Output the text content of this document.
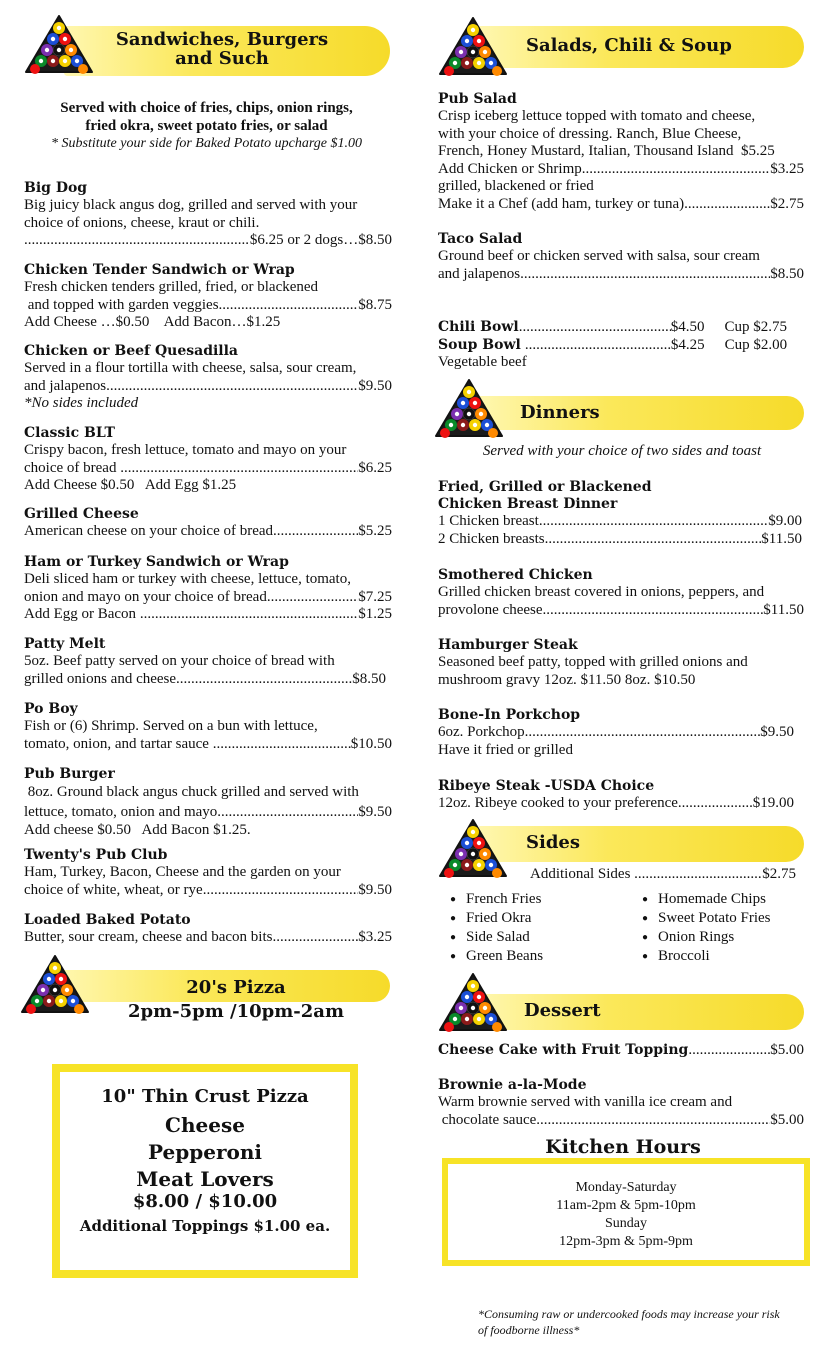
Sandwiches, Burgers
and Such
Served with choice of fries, chips, onion rings,
fried okra, sweet potato fries, or salad
* Substitute your side for Baked Potato upcharge $1.00
Big Dog
Big juicy black angus dog, grilled and served with your
choice of onions, cheese, kraut or chili.
.....
$6.25 or 2 dogs…$8.50
Chicken Tender Sandwich or Wrap
Fresh chicken tenders grilled, fried, or blackened
and topped with garden veggies .....	$8.75
Add Cheese …$0.50    Add Bacon…$1.25
Chicken or Beef Quesadilla
Served in a flour tortilla with cheese, salsa, sour cream,
and jalapenos .....	$9.50
*No sides included
Classic BLT
Crispy bacon, fresh lettuce, tomato and mayo on your
choice of bread .....	$6.25
Add Cheese $0.50   Add Egg $1.25
Grilled Cheese
American cheese on your choice of bread .....	$5.25
Ham or Turkey Sandwich or Wrap
Deli sliced ham or turkey with cheese, lettuce, tomato,
onion and mayo on your choice of bread .....	$7.25
Add Egg or Bacon .....	$1.25
Patty Melt
5oz. Beef patty served on your choice of bread with
grilled onions and cheese .....	$8.50
Po Boy
Fish or (6) Shrimp. Served on a bun with lettuce,
tomato, onion, and tartar sauce .....	$10.50
Pub Burger
8oz. Ground black angus chuck grilled and served with
lettuce, tomato, onion and mayo .....	$9.50
Add cheese $0.50   Add Bacon $1.25.
Twenty's Pub Club
Ham, Turkey, Bacon, Cheese and the garden on your
choice of white, wheat, or rye .....	$9.50
Loaded Baked Potato
Butter, sour cream, cheese and bacon bits .....	$3.25
20's Pizza
2pm-5pm /10pm-2am
10" Thin Crust Pizza
Cheese
Pepperoni
Meat Lovers
$8.00 / $10.00
Additional Toppings $1.00 ea.
Salads, Chili & Soup
Pub Salad
Crisp iceberg lettuce topped with tomato and cheese,
with your choice of dressing. Ranch, Blue Cheese,
French, Honey Mustard, Italian, Thousand Island  $5.25
Add Chicken or Shrimp .....	$3.25
grilled, blackened or fried
Make it a Chef (add ham, turkey or tuna) .....	$2.75
Taco Salad
Ground beef or chicken served with salsa, sour cream
and jalapenos .....	$8.50
Chili Bowl .....	$4.50 Cup $2.75
Soup Bowl .....	$4.25 Cup $2.00
Vegetable beef
Dinners
Served with your choice of two sides and toast
Fried, Grilled or Blackened
Chicken Breast Dinner
1 Chicken breast .....	$9.00
2 Chicken breasts .....	$11.50
Smothered Chicken
Grilled chicken breast covered in onions, peppers, and
provolone cheese .....	$11.50
Hamburger Steak
Seasoned beef patty, topped with grilled onions and
mushroom gravy 12oz. $11.50 8oz. $10.50
Bone-In Porkchop
6oz. Porkchop .....	$9.50
Have it fried or grilled
Ribeye Steak -USDA Choice
12oz. Ribeye cooked to your preference .....	$19.00
Sides
Additional Sides .....	$2.75
● French Fries
● Fried Okra
● Side Salad
● Green Beans
● Homemade Chips
● Sweet Potato Fries
● Onion Rings
● Broccoli
Dessert
Cheese Cake with Fruit Topping .....	$5.00
Brownie a-la-Mode
Warm brownie served with vanilla ice cream and
chocolate sauce .....	$5.00
Kitchen Hours
Monday-Saturday
11am-2pm & 5pm-10pm
Sunday
12pm-3pm & 5pm-9pm
*Consuming raw or undercooked foods may increase your risk
of foodborne illness*
